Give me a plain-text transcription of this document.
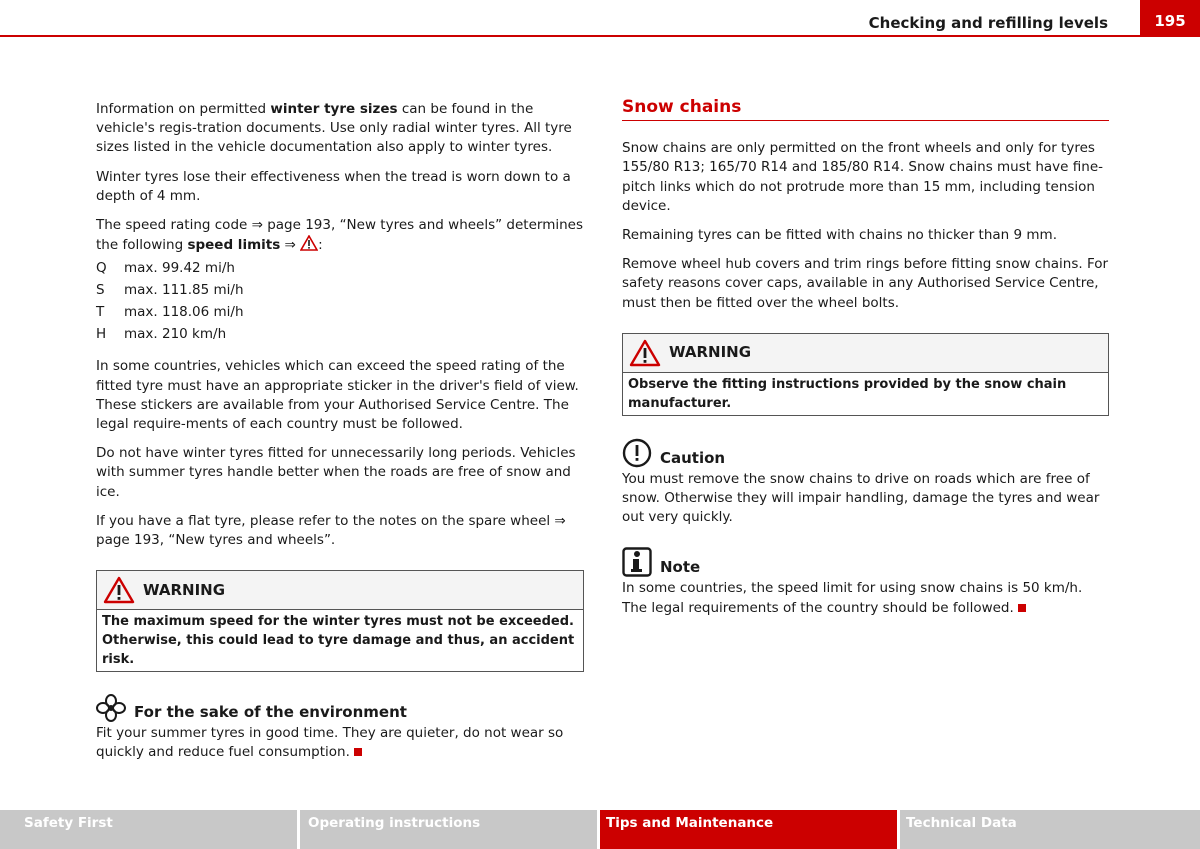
Checking and refilling levels	195

Information on permitted winter tyre sizes can be found in the vehicle's regis-tration documents. Use only radial winter tyres. All tyre sizes listed in the vehicle documentation also apply to winter tyres.

Winter tyres lose their effectiveness when the tread is worn down to a depth of 4 mm.

The speed rating code ⇒ page 193, “New tyres and wheels” determines the following speed limits ⇒ :

Q	max. 99.42 mi/h
S	max. 111.85 mi/h
T	max. 118.06 mi/h
H	max. 210 km/h

In some countries, vehicles which can exceed the speed rating of the fitted tyre must have an appropriate sticker in the driver's field of view. These stickers are available from your Authorised Service Centre. The legal require-ments of each country must be followed.

Do not have winter tyres fitted for unnecessarily long periods. Vehicles with summer tyres handle better when the roads are free of snow and ice.

If you have a flat tyre, please refer to the notes on the spare wheel ⇒ page 193, “New tyres and wheels”.

WARNING
The maximum speed for the winter tyres must not be exceeded. Otherwise, this could lead to tyre damage and thus, an accident risk.
For the sake of the environment

Fit your summer tyres in good time. They are quieter, do not wear so quickly and reduce fuel consumption.

Snow chains

Snow chains are only permitted on the front wheels and only for tyres 155/80 R13; 165/70 R14 and 185/80 R14. Snow chains must have fine-pitch links which do not protrude more than 15 mm, including tension device.

Remaining tyres can be fitted with chains no thicker than 9 mm.

Remove wheel hub covers and trim rings before fitting snow chains. For safety reasons cover caps, available in any Authorised Service Centre, must then be fitted over the wheel bolts.

WARNING
Observe the fitting instructions provided by the snow chain manufacturer.
Caution

You must remove the snow chains to drive on roads which are free of snow. Otherwise they will impair handling, damage the tyres and wear out very quickly.

Note

In some countries, the speed limit for using snow chains is 50 km/h. The legal requirements of the country should be followed.

Safety First	Operating instructions	Tips and Maintenance	Technical Data
